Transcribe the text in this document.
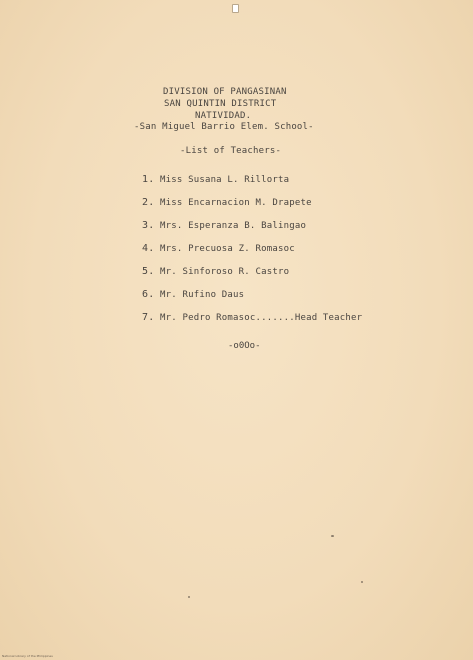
DIVISION OF PANGASINAN
SAN QUINTIN DISTRICT
NATIVIDAD.
-San Miguel Barrio Elem. School-
-List of Teachers-
1. Miss Susana L. Rillorta
2. Miss Encarnacion M. Drapete
3. Mrs. Esperanza B. Balingao
4. Mrs. Precuosa Z. Romasoc
5. Mr. Sinforoso R. Castro
6. Mr. Rufino Daus
7. Mr. Pedro Romasoc.......Head Teacher
-o0Oo-
National Library of the Philippines
